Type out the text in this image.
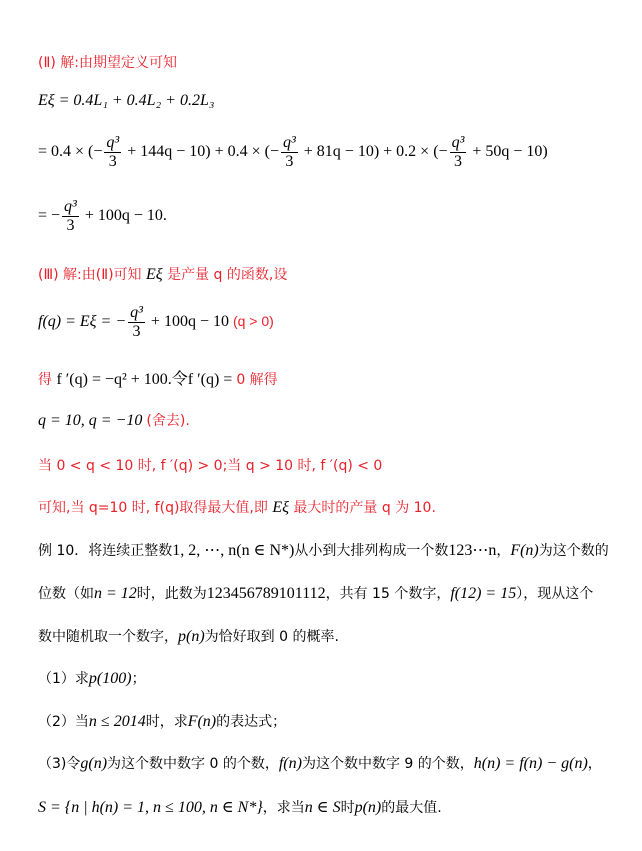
(Ⅱ) 解:由期望定义可知
Eξ = 0.4L₁ + 0.4L₂ + 0.2L₃
= 0.4 × (− $\frac{\text{q³}}{3} + 144q - 10) + 0.4$ × (− $\frac{\text{q³}}{3} + 81q - 10) + 0.2$ × (− $\frac{\text{q³}}{3} + 50q - 10$)
= − $\frac{\text{q³}}{3} + 100q - 10$.
(Ⅲ) 解:由(Ⅱ)可知 Eξ 是产量 q 的函数,设
f(q) = Eξ = − $\frac{\text{q³}}{3} + 100q - 10$ (q > 0)
得 f ′(q) = −q² + 100.令f ′(q) = 0 解得
q = 10, q = −10 (舍去).
当 0 < q < 10 时, f ′(q) > 0;当 q > 10 时, f ′(q) < 0
可知,当 q=10 时, f(q)取得最大值,即 Eξ 最大时的产量 q 为 10.
例 10．将连续正整数1, 2, ⋯, n(n ∈ N*)从小到大排列构成一个数123⋯n，F(n)为这个数的
位数（如n = 12时，此数为123456789101112，共有 15 个数字，f(12) = 15），现从这个
数中随机取一个数字，p(n)为恰好取到 0 的概率.
（1）求p(100)；
（2）当n ≤ 2014时，求F(n)的表达式；
（3)令g(n)为这个数中数字 0 的个数，f(n)为这个数中数字 9 的个数，h(n) = f(n) − g(n)，
S = {n | h(n) = 1, n ≤ 100, n ∈ N*}，求当n ∈ S时p(n)的最大值.
